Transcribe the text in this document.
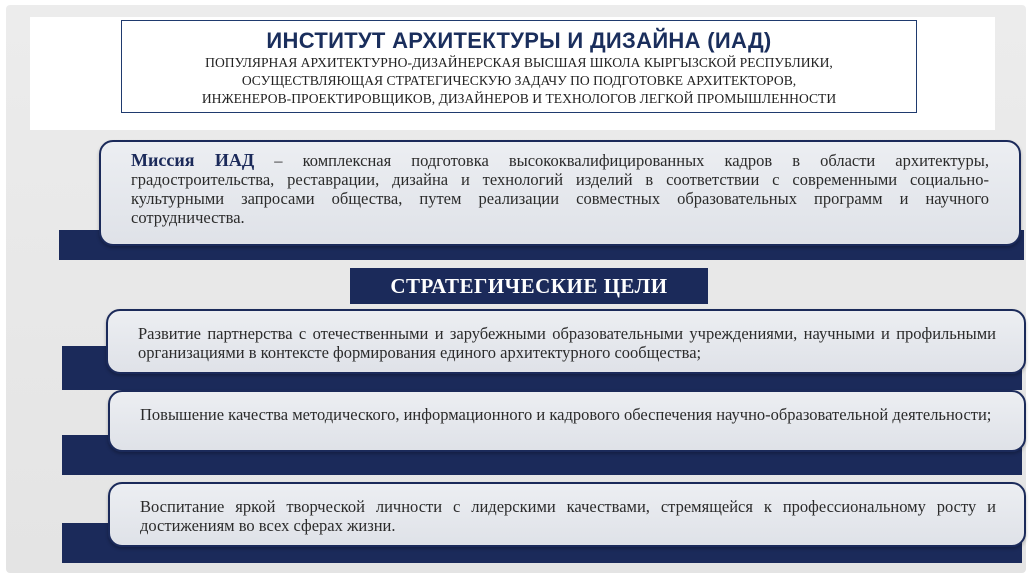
ИНСТИТУТ АРХИТЕКТУРЫ И ДИЗАЙНА (ИАД)
ПОПУЛЯРНАЯ АРХИТЕКТУРНО-ДИЗАЙНЕРСКАЯ ВЫСШАЯ ШКОЛА КЫРГЫЗСКОЙ РЕСПУБЛИКИ,
ОСУЩЕСТВЛЯЮЩАЯ СТРАТЕГИЧЕСКУЮ ЗАДАЧУ ПО ПОДГОТОВКЕ АРХИТЕКТОРОВ,
ИНЖЕНЕРОВ-ПРОЕКТИРОВЩИКОВ, ДИЗАЙНЕРОВ И ТЕХНОЛОГОВ ЛЕГКОЙ ПРОМЫШЛЕННОСТИ
Миссия ИАД – комплексная подготовка высококвалифицированных кадров в области архитектуры, градостроительства, реставрации, дизайна и технологий изделий в соответствии с современными социально-культурными запросами общества, путем реализации совместных образовательных программ и научного сотрудничества.
СТРАТЕГИЧЕСКИЕ ЦЕЛИ
Развитие партнерства с отечественными и зарубежными образовательными учреждениями, научными и профильными организациями в контексте формирования единого архитектурного сообщества;
Повышение качества методического, информационного и кадрового обеспечения научно-образовательной деятельности;
Воспитание яркой творческой личности с лидерскими качествами, стремящейся к профессиональному росту и достижениям во всех сферах жизни.
